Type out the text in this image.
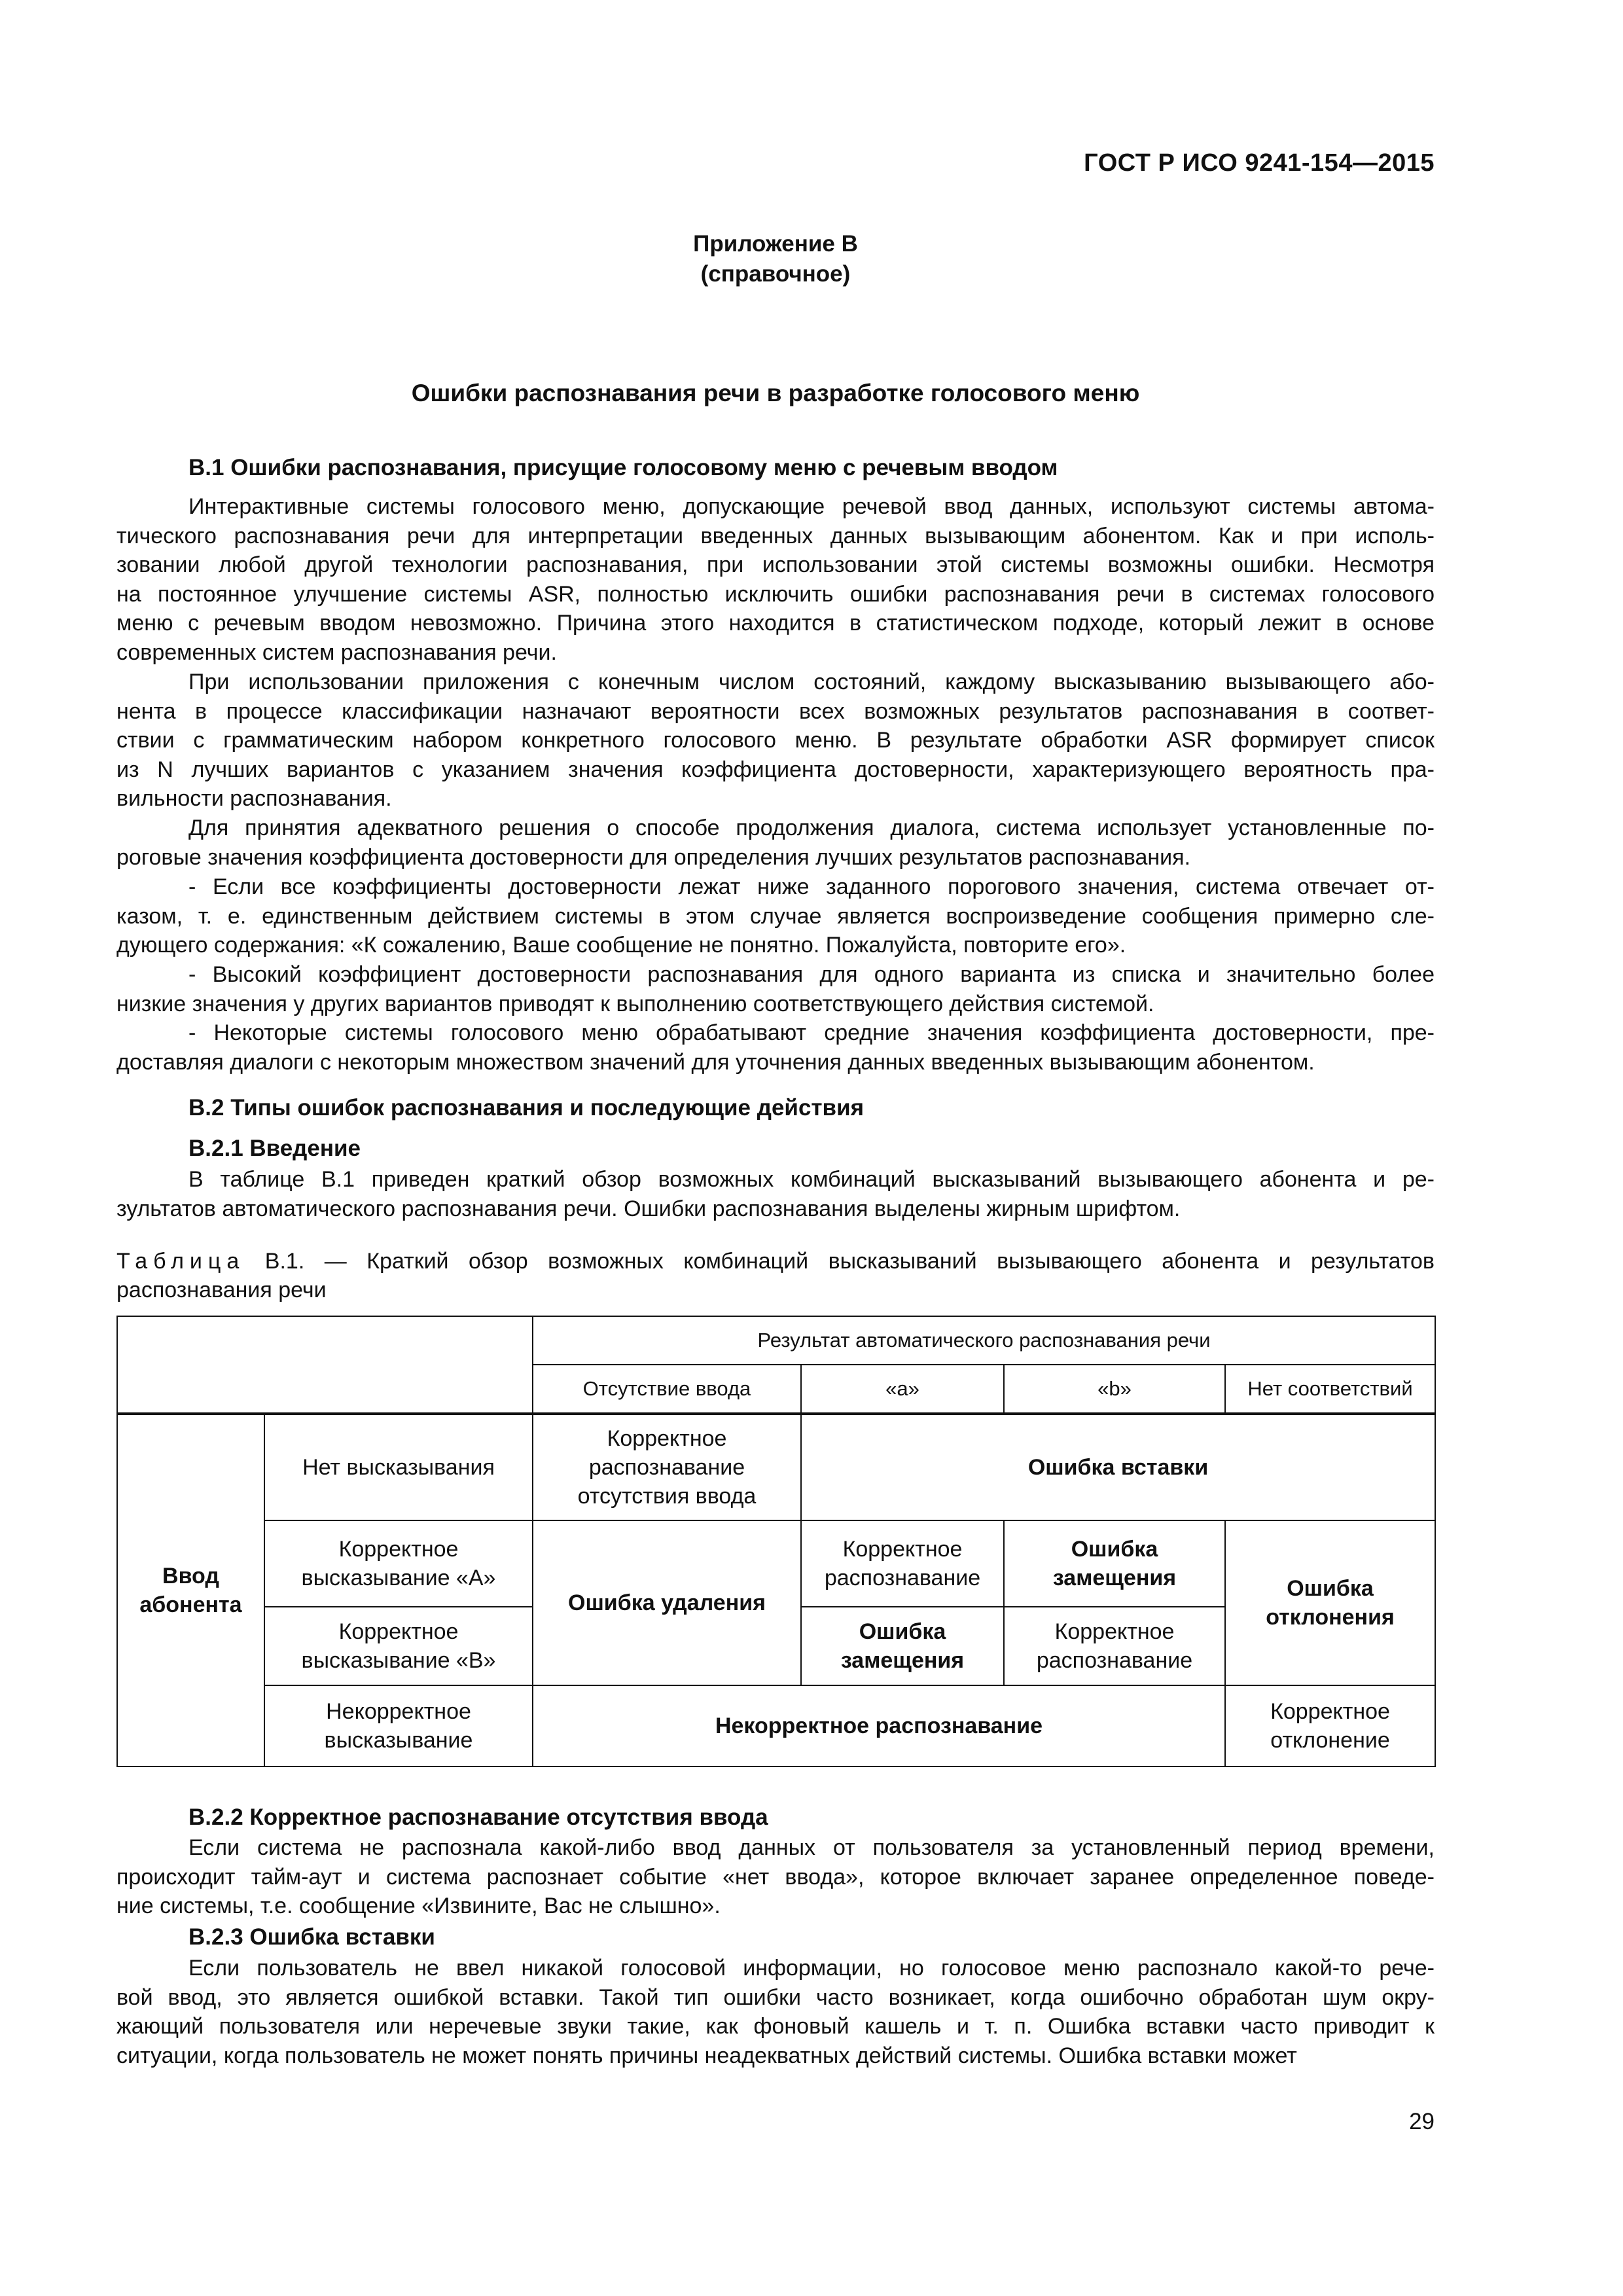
ГОСТ Р ИСО 9241-154—2015
Приложение В
(справочное)
Ошибки распознавания речи в разработке голосового меню
В.1 Ошибки распознавания, присущие голосовому меню с речевым вводом
Интерактивные системы голосового меню, допускающие речевой ввод данных, используют системы автома-
тического распознавания речи для интерпретации введенных данных вызывающим абонентом. Как и при исполь-
зовании любой другой технологии распознавания, при использовании этой системы возможны ошибки. Несмотря
на постоянное улучшение системы ASR, полностью исключить ошибки распознавания речи в системах голосового
меню с речевым вводом невозможно. Причина этого находится в статистическом подходе, который лежит в основе
современных систем распознавания речи.
При использовании приложения с конечным числом состояний, каждому высказыванию вызывающего або-
нента в процессе классификации назначают вероятности всех возможных результатов распознавания в соответ-
ствии с грамматическим набором конкретного голосового меню. В результате обработки ASR формирует список
из N лучших вариантов с указанием значения коэффициента достоверности, характеризующего вероятность пра-
вильности распознавания.
Для принятия адекватного решения о способе продолжения диалога, система использует установленные по-
роговые значения коэффициента достоверности для определения лучших результатов распознавания.
- Если все коэффициенты достоверности лежат ниже заданного порогового значения, система отвечает от-
казом, т. е. единственным действием системы в этом случае является воспроизведение сообщения примерно сле-
дующего содержания: «К сожалению, Ваше сообщение не понятно. Пожалуйста, повторите его».
- Высокий коэффициент достоверности распознавания для одного варианта из списка и значительно более
низкие значения у других вариантов приводят к выполнению соответствующего действия системой.
- Некоторые системы голосового меню обрабатывают средние значения коэффициента достоверности, пре-
доставляя диалоги с некоторым множеством значений для уточнения данных введенных вызывающим абонентом.
В.2 Типы ошибок распознавания и последующие действия
В.2.1 Введение
В таблице В.1 приведен краткий обзор возможных комбинаций высказываний вызывающего абонента и ре-
зультатов автоматического распознавания речи. Ошибки распознавания выделены жирным шрифтом.
Таблица В.1. — Краткий обзор возможных комбинаций высказываний вызывающего абонента и результатов
распознавания речи
		Результат автоматического распознавания речи			
		Отсутствие ввода	«а»	«b»	Нет соответствий
Ввод абонента	Нет высказывания	Корректное распознавание отсутствия ввода	Ошибка вставки		
	Корректное высказывание «А»	Ошибка удаления	Корректное распознавание	Ошибка замещения	Ошибка отклонения
	Корректное высказывание «В»		Ошибка замещения	Корректное распознавание	
	Некорректное высказывание	Некорректное распознавание			Корректное отклонение
В.2.2 Корректное распознавание отсутствия ввода
Если система не распознала какой-либо ввод данных от пользователя за установленный период времени,
происходит тайм-аут и система распознает событие «нет ввода», которое включает заранее определенное поведе-
ние системы, т.е. сообщение «Извините, Вас не слышно».
В.2.3 Ошибка вставки
Если пользователь не ввел никакой голосовой информации, но голосовое меню распознало какой-то рече-
вой ввод, это является ошибкой вставки. Такой тип ошибки часто возникает, когда ошибочно обработан шум окру-
жающий пользователя или неречевые звуки такие, как фоновый кашель и т. п. Ошибка вставки часто приводит к
ситуации, когда пользователь не может понять причины неадекватных действий системы. Ошибка вставки может
29
